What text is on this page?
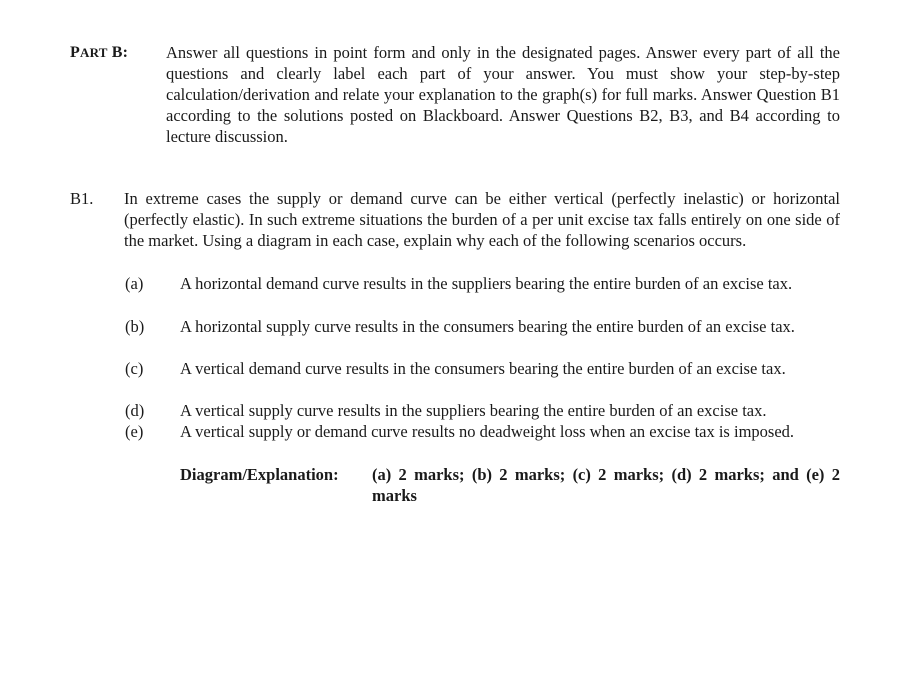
PART B: Answer all questions in point form and only in the designated pages. Answer every part of all the questions and clearly label each part of your answer. You must show your step-by-step calculation/derivation and relate your explanation to the graph(s) for full marks. Answer Question B1 according to the solutions posted on Blackboard. Answer Questions B2, B3, and B4 according to lecture discussion.
B1. In extreme cases the supply or demand curve can be either vertical (perfectly inelastic) or horizontal (perfectly elastic). In such extreme situations the burden of a per unit excise tax falls entirely on one side of the market. Using a diagram in each case, explain why each of the following scenarios occurs.
(a) A horizontal demand curve results in the suppliers bearing the entire burden of an excise tax.
(b) A horizontal supply curve results in the consumers bearing the entire burden of an excise tax.
(c) A vertical demand curve results in the consumers bearing the entire burden of an excise tax.
(d) A vertical supply curve results in the suppliers bearing the entire burden of an excise tax.
(e) A vertical supply or demand curve results no deadweight loss when an excise tax is imposed.
Diagram/Explanation: (a) 2 marks; (b) 2 marks; (c) 2 marks; (d) 2 marks; and (e) 2 marks
